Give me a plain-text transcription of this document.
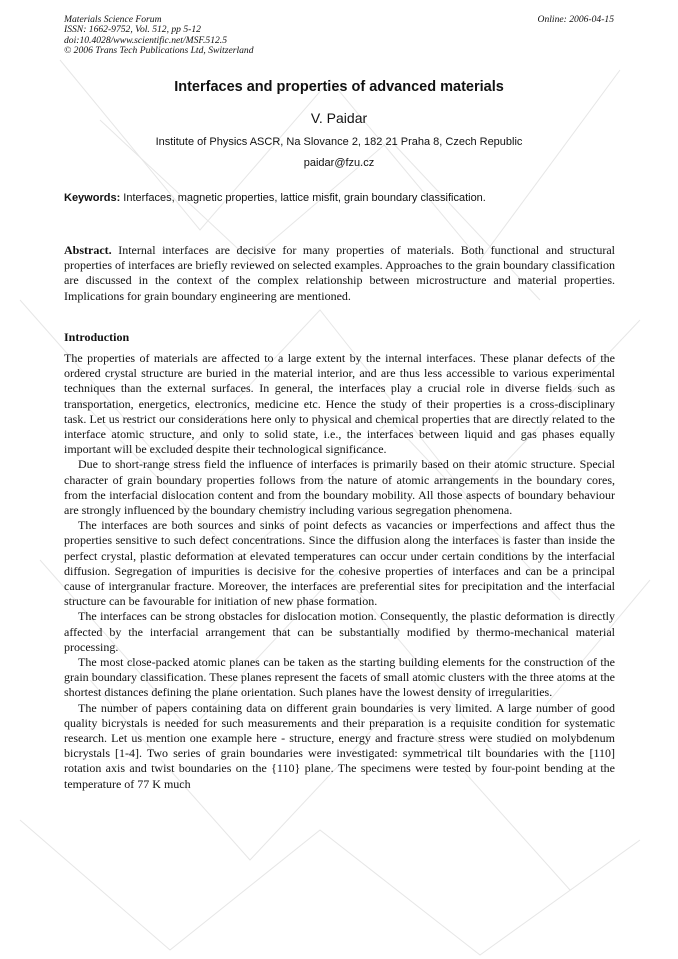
Materials Science Forum
ISSN: 1662-9752, Vol. 512, pp 5-12
doi:10.4028/www.scientific.net/MSF.512.5
© 2006 Trans Tech Publications Ltd, Switzerland
Online: 2006-04-15
Interfaces and properties of advanced materials
V. Paidar
Institute of Physics ASCR, Na Slovance 2, 182 21 Praha 8, Czech Republic
paidar@fzu.cz
Keywords: Interfaces, magnetic properties, lattice misfit, grain boundary classification.

Abstract. Internal interfaces are decisive for many properties of materials. Both functional and structural properties of interfaces are briefly reviewed on selected examples. Approaches to the grain boundary classification are discussed in the context of the complex relationship between microstructure and material properties. Implications for grain boundary engineering are mentioned.

Introduction

The properties of materials are affected to a large extent by the internal interfaces. These planar defects of the ordered crystal structure are buried in the material interior, and are thus less accessible to various experimental techniques than the external surfaces. In general, the interfaces play a crucial role in diverse fields such as transportation, energetics, electronics, medicine etc. Hence the study of their properties is a cross-disciplinary task. Let us restrict our considerations here only to physical and chemical properties that are directly related to the interface atomic structure, and only to solid state, i.e., the interfaces between liquid and gas phases equally important will be excluded despite their technological significance.

Due to short-range stress field the influence of interfaces is primarily based on their atomic structure. Special character of grain boundary properties follows from the nature of atomic arrangements in the boundary cores, from the interfacial dislocation content and from the boundary mobility. All those aspects of boundary behaviour are strongly influenced by the boundary chemistry including various segregation phenomena.

The interfaces are both sources and sinks of point defects as vacancies or imperfections and affect thus the properties sensitive to such defect concentrations. Since the diffusion along the interfaces is faster than inside the perfect crystal, plastic deformation at elevated temperatures can occur under certain conditions by the interfacial diffusion. Segregation of impurities is decisive for the cohesive properties of interfaces and can be a principal cause of intergranular fracture. Moreover, the interfaces are preferential sites for precipitation and the interfacial structure can be favourable for initiation of new phase formation.

The interfaces can be strong obstacles for dislocation motion. Consequently, the plastic deformation is directly affected by the interfacial arrangement that can be substantially modified by thermo-mechanical material processing.

The most close-packed atomic planes can be taken as the starting building elements for the construction of the grain boundary classification. These planes represent the facets of small atomic clusters with the three atoms at the shortest distances defining the plane orientation. Such planes have the lowest density of irregularities.

The number of papers containing data on different grain boundaries is very limited. A large number of good quality bicrystals is needed for such measurements and their preparation is a requisite condition for systematic research. Let us mention one example here - structure, energy and fracture stress were studied on molybdenum bicrystals [1-4]. Two series of grain boundaries were investigated: symmetrical tilt boundaries with the [110] rotation axis and twist boundaries on the {110} plane. The specimens were tested by four-point bending at the temperature of 77 K much
